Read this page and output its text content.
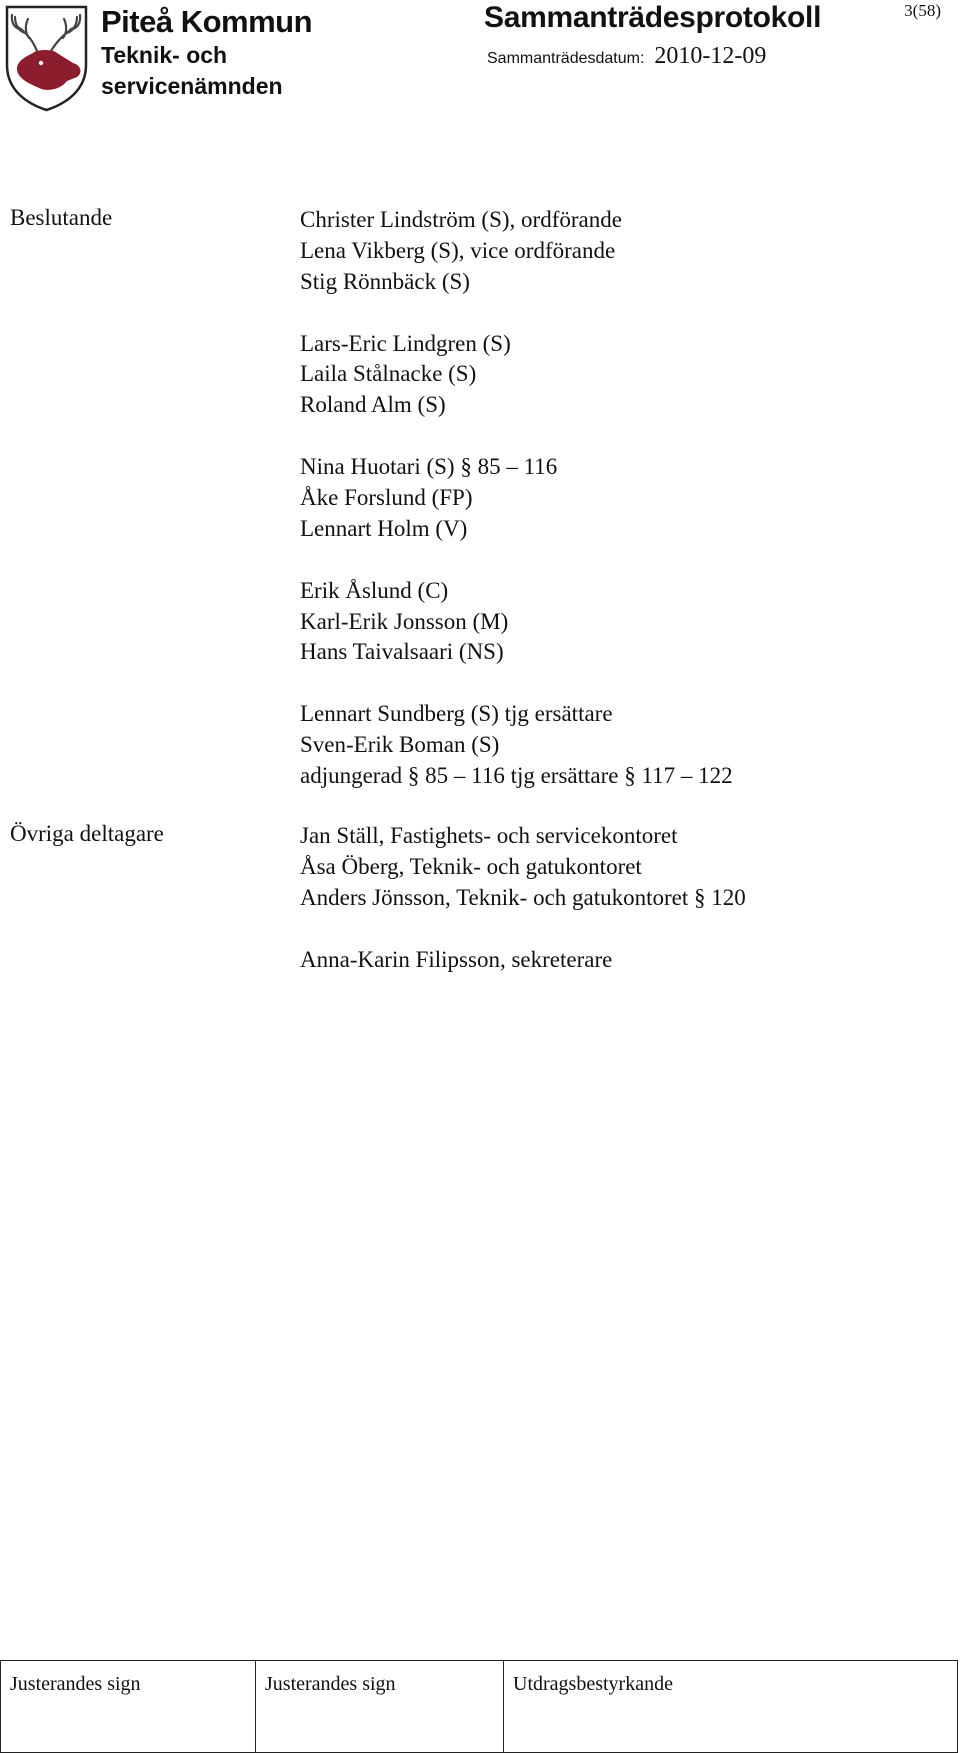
Piteå Kommun
Teknik- och
servicenämnden
Sammanträdesprotokoll	3(58)
Sammanträdesdatum: 2010-12-09
Beslutande	Christer Lindström (S), ordförande
Lena Vikberg (S), vice ordförande
Stig Rönnbäck (S)
Lars-Eric Lindgren (S)
Laila Stålnacke (S)
Roland Alm (S)
Nina Huotari (S) § 85 – 116
Åke Forslund (FP)
Lennart Holm (V)
Erik Åslund (C)
Karl-Erik Jonsson (M)
Hans Taivalsaari (NS)
Lennart Sundberg (S) tjg ersättare
Sven-Erik Boman (S)
adjungerad § 85 – 116 tjg ersättare § 117 – 122
Övriga deltagare	Jan Ställ, Fastighets- och servicekontoret
Åsa Öberg, Teknik- och gatukontoret
Anders Jönsson, Teknik- och gatukontoret § 120
Anna-Karin Filipsson, sekreterare
Justerandes sign	Justerandes sign	Utdragsbestyrkande
